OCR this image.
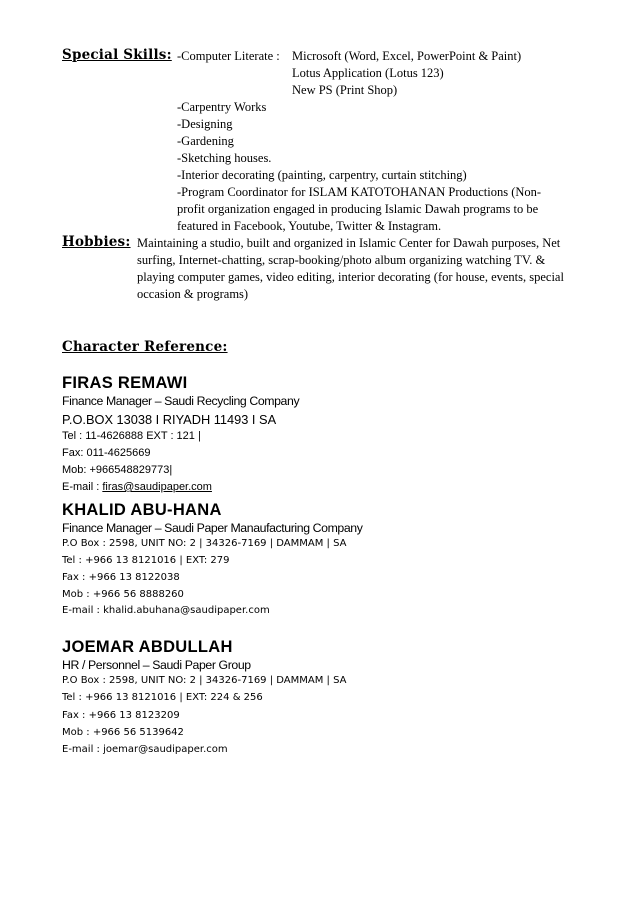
Special Skills: -Computer Literate : Microsoft (Word, Excel, PowerPoint & Paint)
Lotus Application (Lotus 123)
New PS (Print Shop)
-Carpentry Works
-Designing
-Gardening
-Sketching houses.
-Interior decorating (painting, carpentry, curtain stitching)
-Program Coordinator for ISLAM KATOTOHANAN Productions (Non-
profit organization engaged in producing Islamic Dawah programs to be
featured in Facebook, Youtube, Twitter & Instagram.
Hobbies: Maintaining a studio, built and organized in Islamic Center for Dawah purposes, Net
surfing, Internet-chatting, scrap-booking/photo album organizing watching TV. &
playing computer games, video editing, interior decorating (for house, events, special
occasion & programs)
Character Reference:
FIRAS REMAWI
Finance Manager – Saudi Recycling Company
P.O.BOX 13038 I RIYADH 11493 I SA
Tel : 11-4626888 EXT : 121 |
Fax: 011-4625669
Mob: +966548829773|
E-mail : firas@saudipaper.com
KHALID ABU-HANA
Finance Manager – Saudi Paper Manaufacturing Company
P.O Box : 2598, UNIT NO: 2 | 34326-7169 | DAMMAM | SA
Tel : +966 13 8121016 | EXT: 279
Fax : +966 13 8122038
Mob : +966 56 8888260
E-mail : khalid.abuhana@saudipaper.com
JOEMAR ABDULLAH
HR / Personnel – Saudi Paper Group
P.O Box : 2598, UNIT NO: 2 | 34326-7169 | DAMMAM | SA
Tel : +966 13 8121016 | EXT: 224 & 256
Fax : +966 13 8123209
Mob : +966 56 5139642
E-mail : joemar@saudipaper.com
